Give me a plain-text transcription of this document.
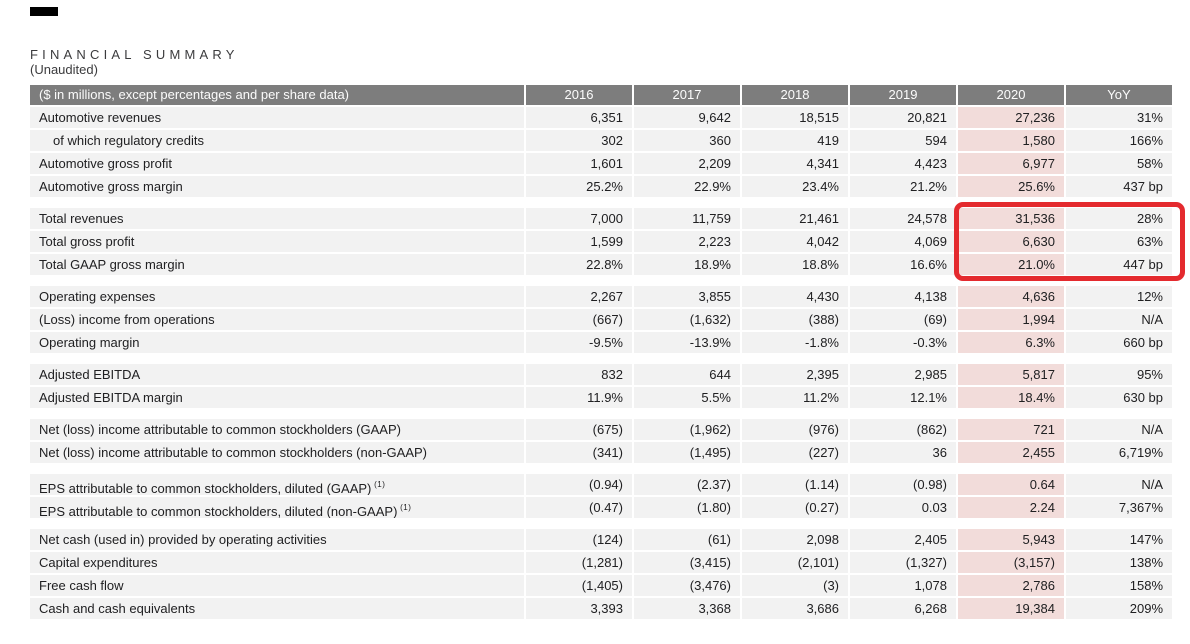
FINANCIAL SUMMARY
(Unaudited)
($ in millions, except percentages and per share data)	2016	2017	2018	2019	2020	YoY
Automotive revenues	6,351	9,642	18,515	20,821	27,236	31%
of which regulatory credits	302	360	419	594	1,580	166%
Automotive gross profit	1,601	2,209	4,341	4,423	6,977	58%
Automotive gross margin	25.2%	22.9%	23.4%	21.2%	25.6%	437 bp
Total revenues	7,000	11,759	21,461	24,578	31,536	28%
Total gross profit	1,599	2,223	4,042	4,069	6,630	63%
Total GAAP gross margin	22.8%	18.9%	18.8%	16.6%	21.0%	447 bp
Operating expenses	2,267	3,855	4,430	4,138	4,636	12%
(Loss) income from operations	(667)	(1,632)	(388)	(69)	1,994	N/A
Operating margin	-9.5%	-13.9%	-1.8%	-0.3%	6.3%	660 bp
Adjusted EBITDA	832	644	2,395	2,985	5,817	95%
Adjusted EBITDA margin	11.9%	5.5%	11.2%	12.1%	18.4%	630 bp
Net (loss) income attributable to common stockholders (GAAP)	(675)	(1,962)	(976)	(862)	721	N/A
Net (loss) income attributable to common stockholders (non-GAAP)	(341)	(1,495)	(227)	36	2,455	6,719%
EPS attributable to common stockholders, diluted (GAAP) $^{(1)}$	(0.94)	(2.37)	(1.14)	(0.98)	0.64	N/A
EPS attributable to common stockholders, diluted (non-GAAP) $^{(1)}$	(0.47)	(1.80)	(0.27)	0.03	2.24	7,367%
Net cash (used in) provided by operating activities	(124)	(61)	2,098	2,405	5,943	147%
Capital expenditures	(1,281)	(3,415)	(2,101)	(1,327)	(3,157)	138%
Free cash flow	(1,405)	(3,476)	(3)	1,078	2,786	158%
Cash and cash equivalents	3,393	3,368	3,686	6,268	19,384	209%
